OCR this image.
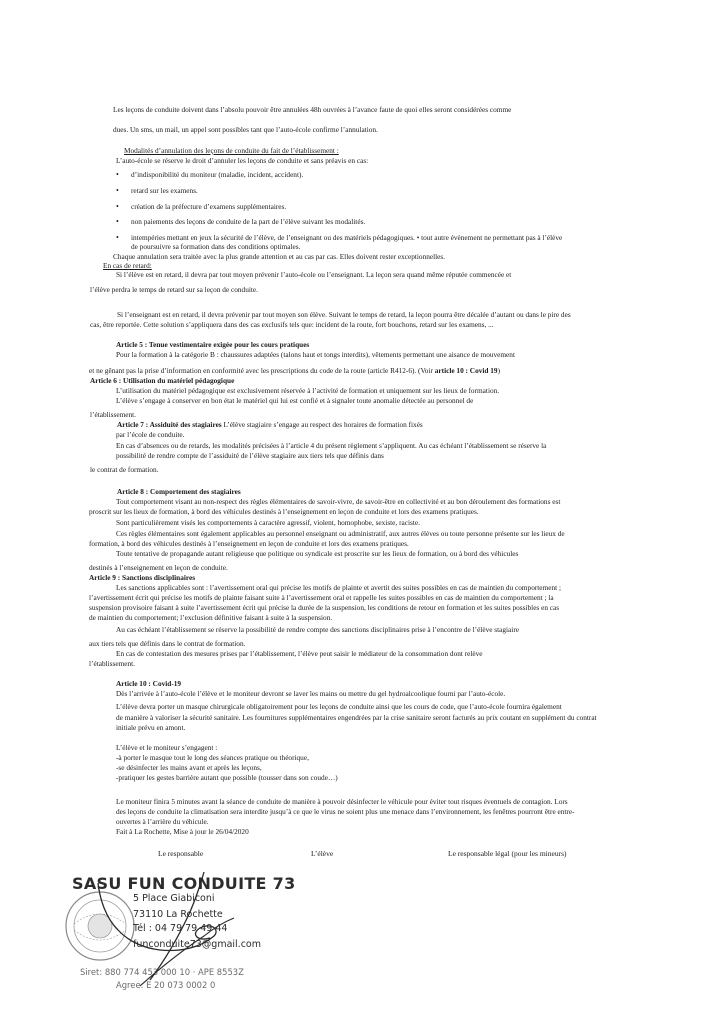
Les leçons de conduite doivent dans l’absolu pouvoir être annulées 48h ouvrées à l’avance faute de quoi elles seront considérées comme

dues. Un sms, un mail, un appel sont possibles tant que l’auto-école confirme l’annulation.

Modalités d’annulation des leçons de conduite du fait de l’établissement :

L’auto-école se réserve le droit d’annuler les leçons de conduite et sans préavis en cas:

• d’indisponibilité du moniteur (maladie, incident, accident).

• retard sur les examens.

• création de la préfecture d’examens supplémentaires.

• non paiements des leçons de conduite de la part de l’élève suivant les modalités.

• intempéries mettant en jeux la sécurité de l’élève, de l’enseignant ou des matériels pédagogiques. • tout autre évènement ne permettant pas à l’élève

de poursuivre sa formation dans des conditions optimales.

Chaque annulation sera traitée avec la plus grande attention et au cas par cas. Elles doivent rester exceptionnelles.

En cas de retard:

Si l’élève est en retard, il devra par tout moyen prévenir l’auto-école ou l’enseignant. La leçon sera quand même réputée commencée et

l’élève perdra le temps de retard sur sa leçon de conduite.

Si l’enseignant est en retard, il devra prévenir par tout moyen son élève. Suivant le temps de retard, la leçon pourra être décalée d’autant ou dans le pire des

cas, être reportée. Cette solution s’appliquera dans des cas exclusifs tels que: incident de la route, fort bouchons, retard sur les examens, ...

Article 5 : Tenue vestimentaire exigée pour les cours pratiques

Pour la formation à la catégorie B : chaussures adaptées (talons haut et tongs interdits), vêtements permettant une aisance de mouvement

et ne gênant pas la prise d’information en conformité avec les prescriptions du code de la route (article R412-6). (Voir article 10 : Covid 19)

Article 6 : Utilisation du matériel pédagogique

L’utilisation du matériel pédagogique est exclusivement réservée à l’activité de formation et uniquement sur les lieux de formation.

L’élève s’engage à conserver en bon état le matériel qui lui est confié et à signaler toute anomalie détectée au personnel de

l’établissement.

Article 7 : Assiduité des stagiaires L’élève stagiaire s’engage au respect des horaires de formation fixés

par l’école de conduite.

En cas d’absences ou de retards, les modalités précisées à l’article 4 du présent règlement s’appliquent. Au cas échéant l’établissement se réserve la

possibilité de rendre compte de l’assiduité de l’élève stagiaire aux tiers tels que définis dans

le contrat de formation.

Article 8 : Comportement des stagiaires

Tout comportement visant au non-respect des règles élémentaires de savoir-vivre, de savoir-être en collectivité et au bon déroulement des formations est

proscrit sur les lieux de formation, à bord des véhicules destinés à l’enseignement en leçon de conduite et lors des examens pratiques.

Sont particulièrement visés les comportements à caractère agressif, violent, homophobe, sexiste, raciste.

Ces règles élémentaires sont également applicables au personnel enseignant ou administratif, aux autres élèves ou toute personne présente sur les lieux de

formation, à bord des véhicules destinés à l’enseignement en leçon de conduite et lors des examens pratiques.

Toute tentative de propagande autant religieuse que politique ou syndicale est proscrite sur les lieux de formation, ou à bord des véhicules

destinés à l’enseignement en leçon de conduite.

Article 9 : Sanctions disciplinaires

Les sanctions applicables sont : l’avertissement oral qui précise les motifs de plainte et avertit des suites possibles en cas de maintien du comportement ;

l’avertissement écrit qui précise les motifs de plainte faisant suite à l’avertissement oral et rappelle les suites possibles en cas de maintien du comportement ; la

suspension provisoire faisant à suite l’avertissement écrit qui précise la durée de la suspension, les conditions de retour en formation et les suites possibles en cas

de maintien du comportement; l’exclusion définitive faisant à suite à la suspension.

Au cas échéant l’établissement se réserve la possibilité de rendre compte des sanctions disciplinaires prise à l’encontre de l’élève stagiaire

aux tiers tels que définis dans le contrat de formation.

En cas de contestation des mesures prises par l’établissement, l’élève peut saisir le médiateur de la consommation dont relève

l’établissement.

Article 10 : Covid-19

Dès l’arrivée à l’auto-école l’élève et le moniteur devront se laver les mains ou mettre du gel hydroalcoolique fourni par l’auto-école.

L’élève devra porter un masque chirurgicale obligatoirement pour les leçons de conduite ainsi que les cours de code, que l’auto-école fournira également

de manière à valoriser la sécurité sanitaire. Les fournitures supplémentaires engendrées par la crise sanitaire seront facturés au prix coutant en supplément du contrat

initiale prévu en amont.

L’élève et le moniteur s’engagent :

-à porter le masque tout le long des séances pratique ou théorique,

-se désinfecter les mains avant et après les leçons,

-pratiquer les gestes barrière autant que possible (tousser dans son coude…)

Le moniteur finira 5 minutes avant la séance de conduite de manière à pouvoir désinfecter le véhicule pour éviter tout risques éventuels de contagion. Lors

des leçons de conduite la climatisation sera interdite jusqu’à ce que le virus ne soient plus une menace dans l’environnement, les fenêtres pourront être entre-

ouvertes à l’arrière du véhicule.

Fait à La Rochette, Mise à jour le 26/04/2020

Le responsable	L’élève	Le responsable légal (pour les mineurs)

SASU FUN CONDUITE 73
5 Place Giabiconi
73110 La Rochette
Tél : 04 79 79 49 44
funconduite73@gmail.com
Siret: 880 774 453 000 10 · APE 8553Z
Agree: E 20 073 0002 0
